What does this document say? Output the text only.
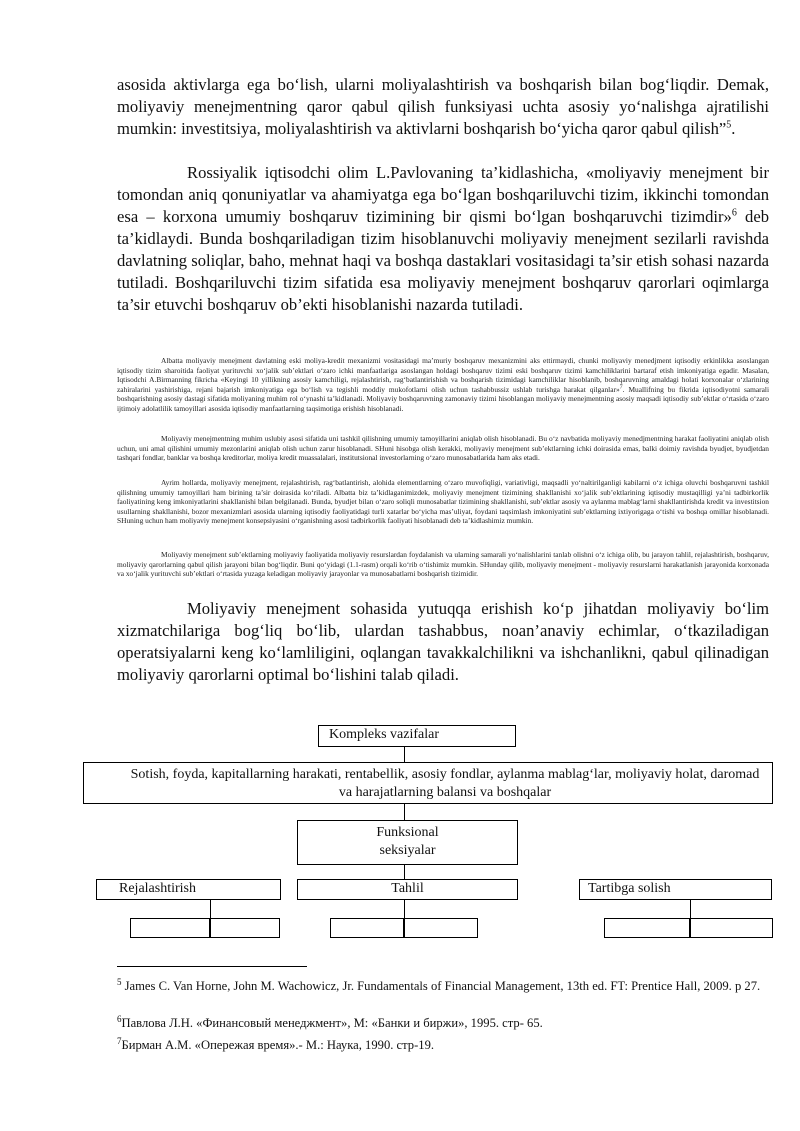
asosida aktivlarga ega bo‘lish, ularni moliyalashtirish va boshqarish bilan bog‘liqdir. Demak, moliyaviy menejmentning qaror qabul qilish funksiyasi uchta asosiy yo‘nalishga ajratilishi mumkin: investitsiya, moliyalashtirish va aktivlarni boshqarish bo‘yicha qaror qabul qilish”$^5$.

Rossiyalik iqtisodchi olim L.Pavlovaning ta’kidlashicha, «moliyaviy menejment bir tomondan aniq qonuniyatlar va ahamiyatga ega bo‘lgan boshqariluvchi tizim, ikkinchi tomondan esa – korxona umumiy boshqaruv tizimining bir qismi bo‘lgan boshqaruvchi tizimdir»$^6$ deb ta’kidlaydi. Bunda boshqariladigan tizim hisoblanuvchi moliyaviy menejment sezilarli ravishda davlatning soliqlar, baho, mehnat haqi va boshqa dastaklari vositasidagi ta’sir etish sohasi nazarda tutiladi. Boshqariluvchi tizim sifatida esa moliyaviy menejment boshqaruv qarorlari oqimlarga ta’sir etuvchi boshqaruv ob’ekti hisoblanishi nazarda tutiladi.

Albatta moliyaviy menejment davlatning eski moliya-kredit mexanizmi vositasidagi ma’muriy boshqaruv mexanizmini aks ettirmaydi, chunki moliyaviy menedjment iqtisodiy erkinlikka asoslangan iqtisodiy tizim sharoitida faoliyat yurituvchi xo‘jalik sub’ektlari o‘zaro ichki manfaatlariga asoslangan holdagi boshqaruv tizimi eski boshqaruv tizimi kamchiliklarini bartaraf etish imkoniyatiga egadir. Masalan, Iqtisodchi A.Birmanning fikricha «Keyingi 10 yillikning asosiy kamchiligi, rejalashtirish, rag‘batlantirishish va boshqarish tizimidagi kamchiliklar hisoblanib, boshqaruvning amaldagi holati korxonalar o‘zlarining zahiralarini yashirishiga, rejani bajarish imkoniyatiga ega bo‘lish va tegishli moddiy mukofotlarni olish uchun tashabbussiz ushlab turishga harakat qilganlar»$^7$. Muallifning bu fikrida iqtisodiyotni samarali boshqarishning asosiy dastagi sifatida moliyaning muhim rol o‘ynashi ta’kidlanadi. Moliyaviy boshqaruvning zamonaviy tizimi hisoblangan moliyaviy menejmentning asosiy maqsadi iqtisodiy sub’ektlar o‘rtasida o‘zaro ijtimoiy adolatlilik tamoyillari asosida iqtisodiy manfaatlarning taqsimotiga erishish hisoblanadi.

Moliyaviy menejmentning muhim uslubiy asosi sifatida uni tashkil qilishning umumiy tamoyillarini aniqlab olish hisoblanadi. Bu o‘z navbatida moliyaviy menedjmentning harakat faoliyatini aniqlab olish uchun, uni amal qilishini umumiy mezonlarini aniqlab olish uchun zarur hisoblanadi. SHuni hisobga olish kerakki, moliyaviy menejment sub’ektlarning ichki doirasida emas, balki doimiy ravishda byudjet, byudjetdan tashqari fondlar, banklar va boshqa kreditorlar, moliya kredit muassalalari, institutsional investorlarning o‘zaro munosabatlarida ham aks etadi.

Ayrim hollarda, moliyaviy menejment, rejalashtirish, rag‘batlantirish, alohida elementlarning o‘zaro muvofiqligi, variativligi, maqsadli yo‘naltirilganligi kabilarni o‘z ichiga oluvchi boshqaruvni tashkil qilishning umumiy tamoyillari ham birining ta’sir doirasida ko‘riladi. Albatta biz ta’kidlaganimizdek, moliyaviy menejment tizimining shakllanishi xo‘jalik sub’ektlarining iqtisodiy mustaqilligi ya’ni tadbirkorlik faoliyatining keng imkoniyatlarini shakllanishi bilan belgilanadi. Bunda, byudjet bilan o‘zaro soliqli munosabatlar tizimining shakllanishi, sub’ektlar asosiy va aylanma mablag‘larni shakllantirishda kredit va investitsion usullarning shakllanishi, bozor mexanizmlari asosida ularning iqtisodiy faoliyatidagi turli xatarlar bo‘yicha mas’uliyat, foydani taqsimlash imkoniyatini sub’ektlarning ixtiyorigaga o‘tishi va boshqa omillar hisoblanadi. SHuning uchun ham moliyaviy menejment konsepsiyasini o‘rganishning asosi tadbirkorlik faoliyati hisoblanadi deb ta’kidlashimiz mumkin.

Moliyaviy menejment sub’ektlarning moliyaviy faoliyatida moliyaviy resurslardan foydalanish va ularning samarali yo‘nalishlarini tanlab olishni o‘z ichiga olib, bu jarayon tahlil, rejalashtirish, boshqaruv, moliyaviy qarorlarning qabul qilish jarayoni bilan bog‘liqdir. Buni qo‘yidagi (1.1-rasm) orqali ko‘rib o‘tishimiz mumkin. SHunday qilib, moliyaviy menejment - moliyaviy resurslarni harakatlanish jarayonida korxonada va xo‘jalik yurituvchi sub’ektlari o‘rtasida yuzaga keladigan moliyaviy jarayonlar va munosabatlarni boshqarish tizimidir.

Moliyaviy menejment sohasida yutuqqa erishish ko‘p jihatdan moliyaviy bo‘lim xizmatchilariga bog‘liq bo‘lib, ulardan tashabbus, noan’anaviy echimlar, o‘tkaziladigan operatsiyalarni keng ko‘lamliligini, oqlangan tavakkalchilikni va ishchanlikni, qabul qilinadigan moliyaviy qarorlarni optimal bo‘lishini talab qiladi.

Kompleks vazifalar
Sotish, foyda, kapitallarning harakati, rentabellik, asosiy fondlar, aylanma mablag‘lar, moliyaviy holat, daromad va harajatlarning balansi va boshqalar
Funksional
seksiyalar
Rejalashtirish	Tahlil	Tartibga solish

$^5$ James C. Van Horne, John M. Wachowicz, Jr. Fundamentals of Financial Management, 13th ed. FT: Prentice Hall, 2009. p 27.

$^6$Павлова Л.Н. «Финансовый менеджмент», М: «Банки и биржи», 1995. стр- 65.

$^7$Бирман А.М. «Опережая время».- М.: Наука, 1990. стр-19.
